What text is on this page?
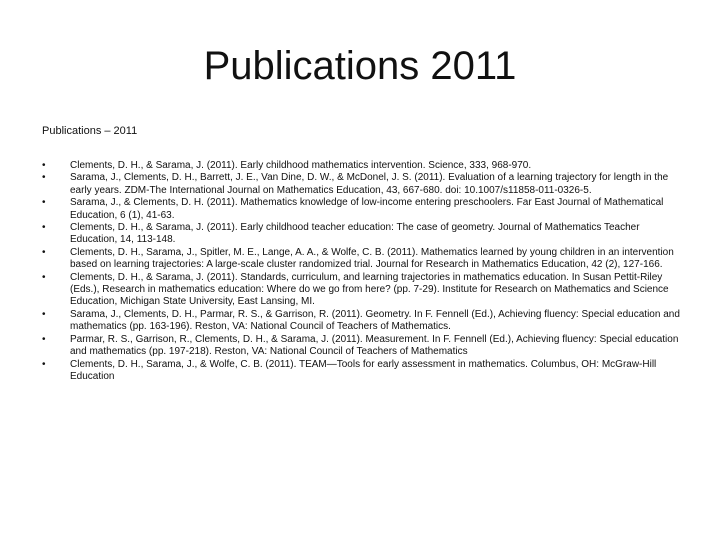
Publications 2011
Publications – 2011
•	Clements, D. H., & Sarama, J. (2011). Early childhood mathematics intervention. Science, 333, 968-970.
•	Sarama, J., Clements, D. H., Barrett, J. E., Van Dine, D. W., & McDonel, J. S. (2011). Evaluation of a learning trajectory for length in the early years. ZDM-The International Journal on Mathematics Education, 43, 667-680. doi: 10.1007/s11858-011-0326-5.
•	Sarama, J., & Clements, D. H. (2011). Mathematics knowledge of low-income entering preschoolers. Far East Journal of Mathematical Education, 6 (1), 41-63.
•	Clements, D. H., & Sarama, J. (2011). Early childhood teacher education: The case of geometry. Journal of Mathematics Teacher Education, 14, 113-148.
•	Clements, D. H., Sarama, J., Spitler, M. E., Lange, A. A., & Wolfe, C. B. (2011). Mathematics learned by young children in an intervention based on learning trajectories: A large-scale cluster randomized trial. Journal for Research in Mathematics Education, 42 (2), 127-166.
•	Clements, D. H., & Sarama, J. (2011). Standards, curriculum, and learning trajectories in mathematics education. In Susan Pettit-Riley (Eds.), Research in mathematics education: Where do we go from here? (pp. 7-29). Institute for Research on Mathematics and Science Education, Michigan State University, East Lansing, MI.
•	Sarama, J., Clements, D. H., Parmar, R. S., & Garrison, R. (2011). Geometry. In F. Fennell (Ed.), Achieving fluency: Special education and mathematics (pp. 163-196). Reston, VA: National Council of Teachers of Mathematics.
•	Parmar, R. S., Garrison, R., Clements, D. H., & Sarama, J. (2011). Measurement. In F. Fennell (Ed.), Achieving fluency: Special education and mathematics (pp. 197-218). Reston, VA: National Council of Teachers of Mathematics
•	Clements, D. H., Sarama, J., & Wolfe, C. B. (2011). TEAM—Tools for early assessment in mathematics. Columbus, OH: McGraw-Hill Education
